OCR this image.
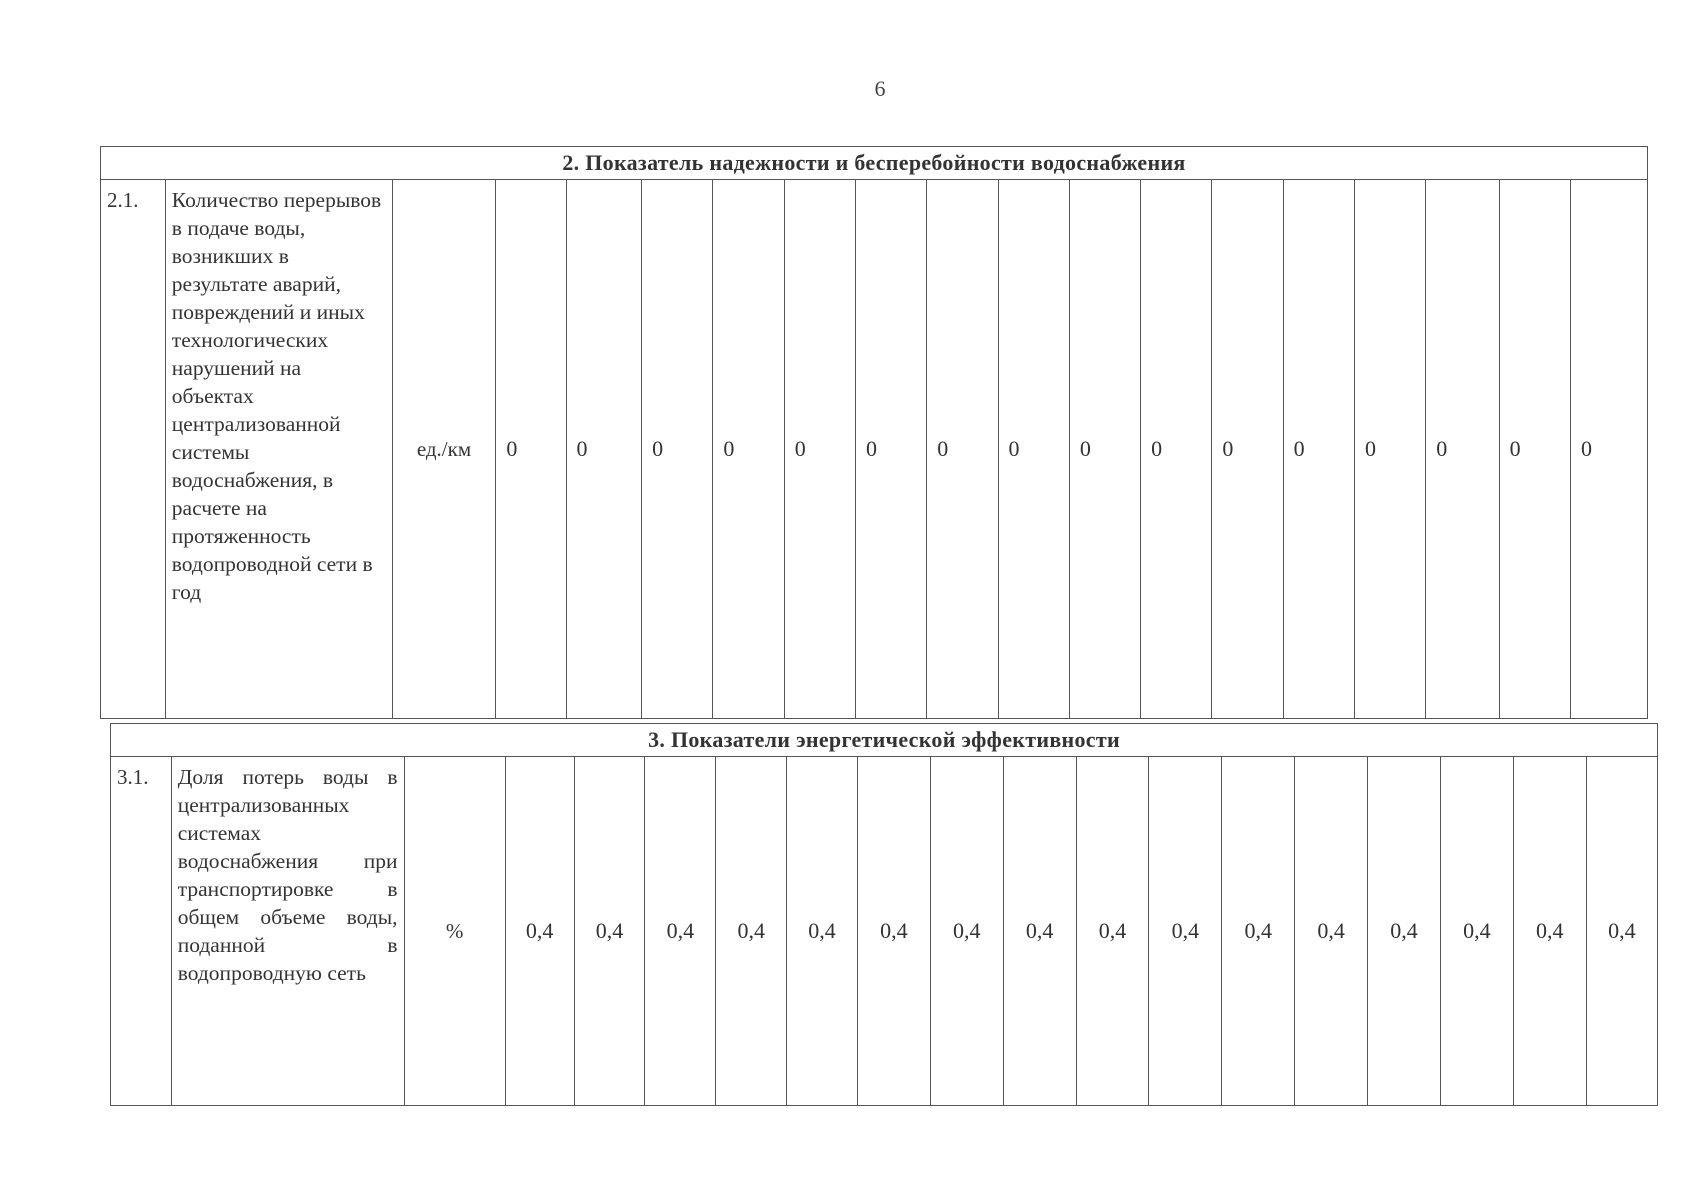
6
2. Показатель надежности и бесперебойности водоснабжения
2.1.	Количество перерывов в подаче воды, возникших в результате аварий, повреждений и иных технологических нарушений на объектах централизованной системы водоснабжения, в расчете на протяженность водопроводной сети в год	ед./км	0	0	0	0	0	0	0	0	0	0	0	0	0	0	0	0
3. Показатели энергетической эффективности
3.1.	Доля потерь воды в централизованных системах водоснабжения при транспортировке в общем объеме воды, поданной в водопроводную сеть	%	0,4	0,4	0,4	0,4	0,4	0,4	0,4	0,4	0,4	0,4	0,4	0,4	0,4	0,4	0,4	0,4
